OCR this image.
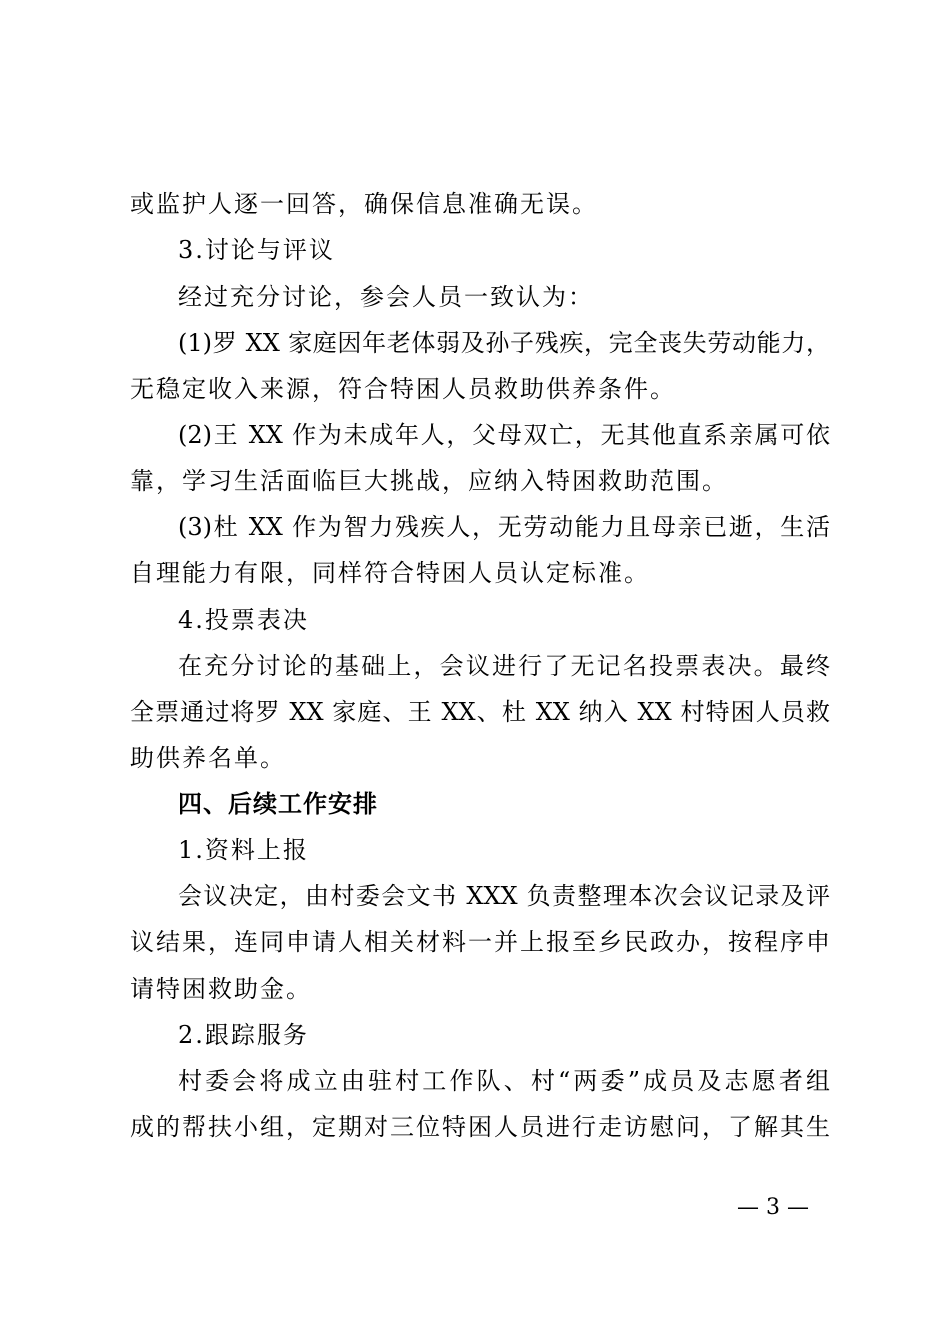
或监护人逐一回答，确保信息准确无误。
3.讨论与评议
经过充分讨论，参会人员一致认为：
(1)罗 XX 家庭因年老体弱及孙子残疾，完全丧失劳动能力，
无稳定收入来源，符合特困人员救助供养条件。
(2)王 XX 作为未成年人，父母双亡，无其他直系亲属可依
靠，学习生活面临巨大挑战，应纳入特困救助范围。
(3)杜 XX 作为智力残疾人，无劳动能力且母亲已逝，生活
自理能力有限，同样符合特困人员认定标准。
4.投票表决
在充分讨论的基础上，会议进行了无记名投票表决。最终
全票通过将罗 XX 家庭、王 XX、杜 XX 纳入 XX 村特困人员救
助供养名单。
四、后续工作安排
1.资料上报
会议决定，由村委会文书 XXX 负责整理本次会议记录及评
议结果，连同申请人相关材料一并上报至乡民政办，按程序申
请特困救助金。
2.跟踪服务
村委会将成立由驻村工作队、村“两委”成员及志愿者组
成的帮扶小组，定期对三位特困人员进行走访慰问，了解其生
— 3 —
